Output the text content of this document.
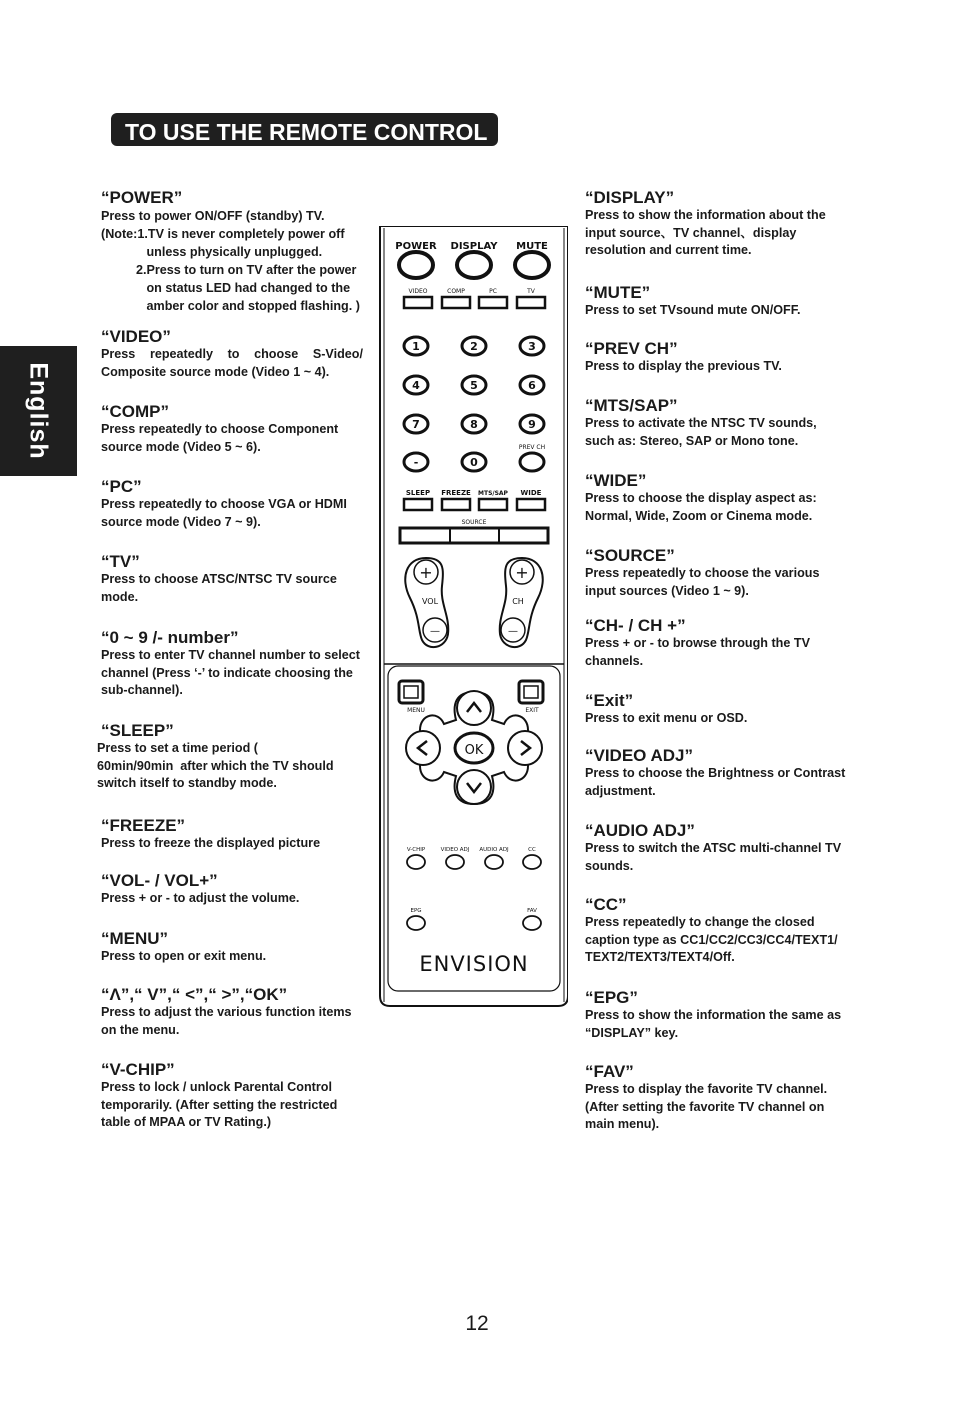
TO USE THE REMOTE CONTROL
English
“POWER”

Press to power ON/OFF (standby) TV.
(Note:1.TV is never completely power off
unless physically unplugged.
2.Press to turn on TV after the power
on status LED had changed to the
amber color and stopped flashing. )

“VIDEO”

Press repeatedly to choose S-Video/ Composite source mode (Video 1 ~ 4).

“COMP”

Press repeatedly to choose Component source mode (Video 5 ~ 6).

“PC”

Press repeatedly to choose VGA or HDMI source mode (Video 7 ~ 9).

“TV”

Press to choose ATSC/NTSC TV source mode.

“0 ~ 9 /- number”

Press to enter TV channel number to select channel (Press ‘-’ to indicate choosing the sub-channel).

“SLEEP”

Press to set a time period (
60min/90min  after which the TV should
switch itself to standby mode.

“FREEZE”

Press to freeze the displayed picture

“VOL- / VOL+”

Press + or - to adjust the volume.

“MENU”

Press to open or exit menu.

“Λ”,“ V”,“ <”,“ >”,“OK”

Press to adjust the various function items on the menu.

“V-CHIP”

Press to lock / unlock Parental Control temporarily. (After setting the restricted table of MPAA or TV Rating.)

“DISPLAY”

Press to show the information about the input source、TV channel、display resolution and current time.

“MUTE”

Press to set TVsound mute ON/OFF.

“PREV CH”

Press to display the previous TV.

“MTS/SAP”

Press to activate the NTSC TV sounds, such as: Stereo, SAP or Mono tone.

“WIDE”

Press to choose the display aspect as: Normal, Wide, Zoom or Cinema mode.

“SOURCE”

Press repeatedly to choose the various input sources (Video 1 ~ 9).

“CH- / CH +”

Press + or - to browse through the TV channels.

“Exit”

Press to exit menu or OSD.

“VIDEO ADJ”

Press to choose the Brightness or Contrast adjustment.

“AUDIO ADJ”

Press to switch the ATSC multi-channel TV sounds.

“CC”

Press repeatedly to change the closed caption type as CC1/CC2/CC3/CC4/TEXT1/ TEXT2/TEXT3/TEXT4/Off.

“EPG”

Press to show the information the same as “DISPLAY” key.

“FAV”

Press to display the favorite TV channel. (After setting the favorite TV channel on main menu).

POWER DISPLAY MUTE
VIDEO	COMP	PC	TV
1	2	3
4	5	6
7	8	9
-	0
PREV CH
SLEEP FREEZE MTS/SAP WIDE
SOURCE
+
—
VOL
+
—
CH
MENU	EXIT
OK
V-CHIP	VIDEO ADJ AUDIO ADJ	CC
EPG	FAV
ENVISION
12
